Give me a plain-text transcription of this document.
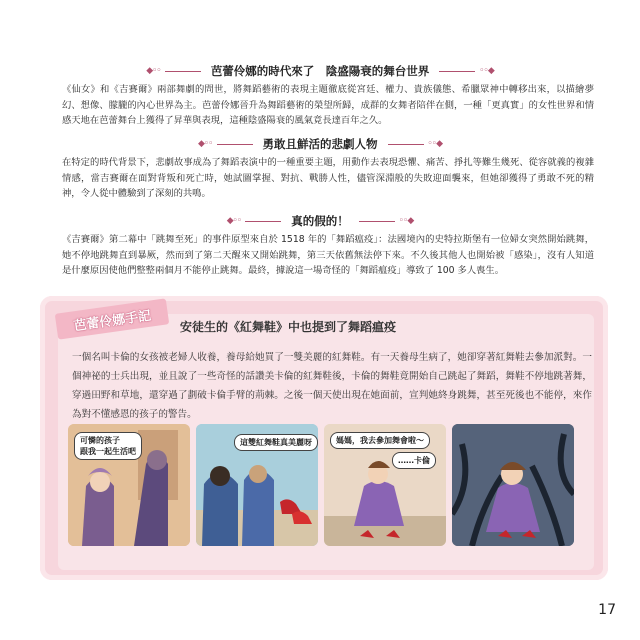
◆◦◦	芭蕾伶娜的時代來了　陰盛陽衰的舞台世界	◦◦◆
《仙女》和《吉賽爾》兩部舞劇的問世，將舞蹈藝術的表現主題徹底從宮廷、權力、貴族儀態、希臘眾神中轉移出來，以描繪夢幻、想像、朦朧的內心世界為主。芭蕾伶娜晉升為舞蹈藝術的榮望所歸，成群的女舞者陪伴在側，一種「更真實」的女性世界和情感天地在芭蕾舞台上獲得了昇華與表現，這種陰盛陽衰的風氣竟長達百年之久。
◆◦◦	勇敢且鮮活的悲劇人物	◦◦◆
在特定的時代背景下，悲劇故事成為了舞蹈表演中的一種重要主題，用動作去表現恐懼、痛苦、掙扎等難生幾死、從容就義的複雜情感，當吉賽爾在面對背叛和死亡時，她試圖掌握、對抗、戰勝人性，儘管深淵般的失敗迎面襲來，但她卻獲得了勇敢不死的精神，令人從中體驗到了深刻的共鳴。
◆◦◦	真的假的！	◦◦◆
《吉賽爾》第二幕中「跳舞至死」的事件原型來自於 1518 年的「舞蹈瘟疫」：法國境內的史特拉斯堡有一位婦女突然開始跳舞，她不停地跳舞直到暴厥，然而到了第二天醒來又開始跳舞，第三天依舊無法停下來。不久後其他人也開始被「感染」，沒有人知道是什麼原因使他們整整兩個月不能停止跳舞。最終，據說這一場奇怪的「舞蹈瘟疫」導致了 100 多人喪生。
芭蕾伶娜手記	安徒生的《紅舞鞋》中也提到了舞蹈瘟疫
一個名叫卡倫的女孩被老婦人收養，養母給她買了一雙美麗的紅舞鞋。有一天養母生病了，她卻穿著紅舞鞋去參加派對。一個神祕的士兵出現，並且說了一些奇怪的話讚美卡倫的紅舞鞋後，卡倫的舞鞋竟開始自己跳起了舞蹈，舞鞋不停地跳著舞，穿過田野和草地，還穿過了劃破卡倫手臂的荊棘。之後一個天使出現在她面前，宣判她終身跳舞，甚至死後也不能停，來作為對不懂感恩的孩子的警告。
可憐的孩子
跟我一起生活吧
這雙紅舞鞋真美麗呀	媽媽，我去參加舞會啦～
……卡倫
17
